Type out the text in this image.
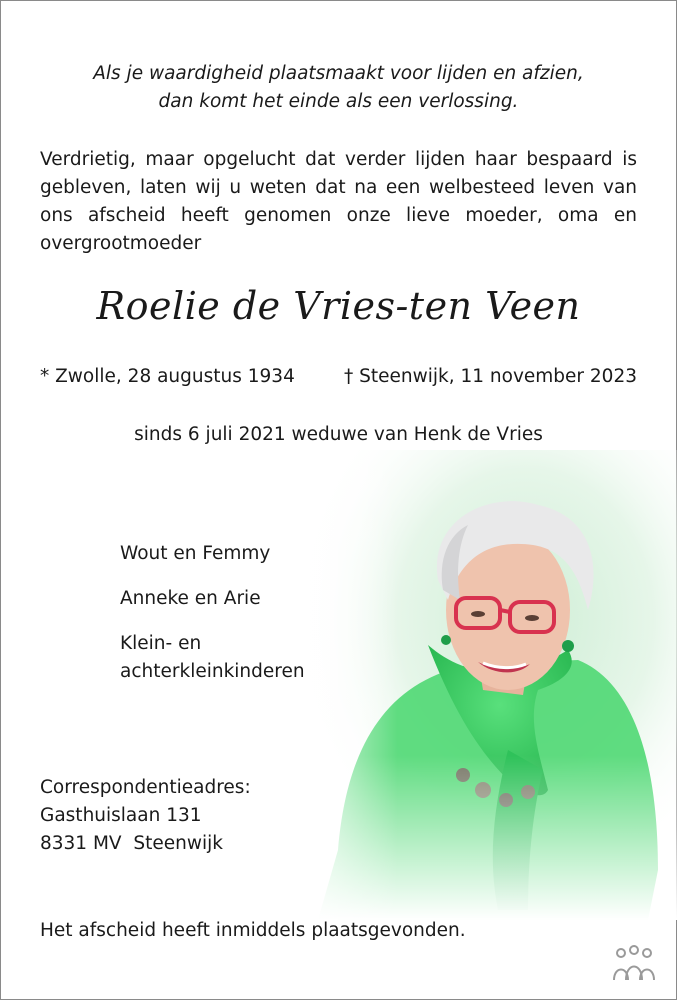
Als je waardigheid plaatsmaakt voor lijden en afzien,
dan komt het einde als een verlossing.
Verdrietig, maar opgelucht dat verder lijden haar bespaard is gebleven, laten wij u weten dat na een welbesteed leven van ons afscheid heeft genomen onze lieve moeder, oma en overgrootmoeder
Roelie de Vries-ten Veen
* Zwolle, 28 augustus 1934	† Steenwijk, 11 november 2023
sinds 6 juli 2021 weduwe van Henk de Vries
Wout en Femmy
Anneke en Arie
Klein- en
achterkleinkinderen
Correspondentieadres:
Gasthuislaan 131
8331 MV  Steenwijk
Het afscheid heeft inmiddels plaatsgevonden.
